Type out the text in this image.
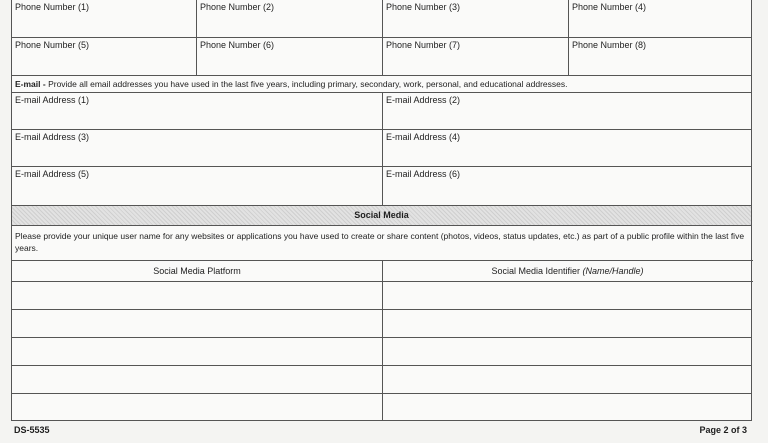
Phone Number (1)	Phone Number (2)	Phone Number (3)	Phone Number (4)
Phone Number (5)	Phone Number (6)	Phone Number (7)	Phone Number (8)
E-mail - Provide all email addresses you have used in the last five years, including primary, secondary, work, personal, and educational addresses.
E-mail Address (1)	E-mail Address (2)
E-mail Address (3)	E-mail Address (4)
E-mail Address (5)	E-mail Address (6)
Social Media
Please provide your unique user name for any websites or applications you have used to create or share content (photos, videos, status updates, etc.) as part of a public profile within the last five years.
Social Media Platform	Social Media Identifier (Name/Handle)
DS-5535	Page 2 of 3
